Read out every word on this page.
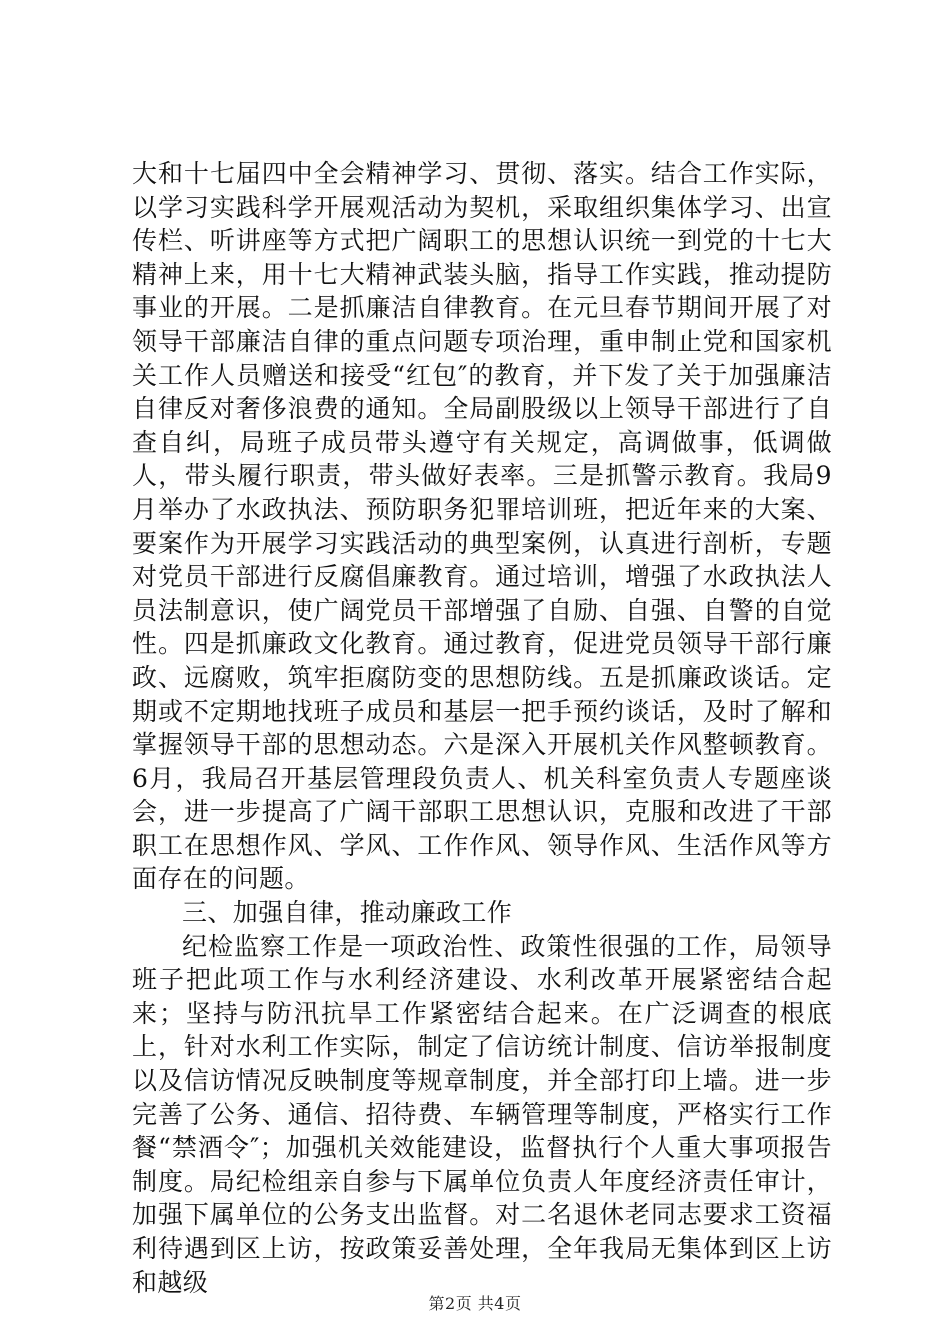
大和十七届四中全会精神学习、贯彻、落实。结合工作实际，以学习实践科学开展观活动为契机，采取组织集体学习、出宣传栏、听讲座等方式把广阔职工的思想认识统一到党的十七大精神上来，用十七大精神武装头脑，指导工作实践，推动提防事业的开展。二是抓廉洁自律教育。在元旦春节期间开展了对领导干部廉洁自律的重点问题专项治理，重申制止党和国家机关工作人员赠送和接受“红包″的教育，并下发了关于加强廉洁自律反对奢侈浪费的通知。全局副股级以上领导干部进行了自查自纠，局班子成员带头遵守有关规定，高调做事，低调做人，带头履行职责，带头做好表率。三是抓警示教育。我局9月举办了水政执法、预防职务犯罪培训班，把近年来的大案、要案作为开展学习实践活动的典型案例，认真进行剖析，专题对党员干部进行反腐倡廉教育。通过培训，增强了水政执法人员法制意识，使广阔党员干部增强了自励、自强、自警的自觉性。四是抓廉政文化教育。通过教育，促进党员领导干部行廉政、远腐败，筑牢拒腐防变的思想防线。五是抓廉政谈话。定期或不定期地找班子成员和基层一把手预约谈话，及时了解和掌握领导干部的思想动态。六是深入开展机关作风整顿教育。6月，我局召开基层管理段负责人、机关科室负责人专题座谈会，进一步提高了广阔干部职工思想认识，克服和改进了干部职工在思想作风、学风、工作作风、领导作风、生活作风等方面存在的问题。

三、加强自律，推动廉政工作

纪检监察工作是一项政治性、政策性很强的工作，局领导班子把此项工作与水利经济建设、水利改革开展紧密结合起来；坚持与防汛抗旱工作紧密结合起来。在广泛调查的根底上，针对水利工作实际，制定了信访统计制度、信访举报制度以及信访情况反映制度等规章制度，并全部打印上墙。进一步完善了公务、通信、招待费、车辆管理等制度，严格实行工作餐“禁酒令″；加强机关效能建设，监督执行个人重大事项报告制度。局纪检组亲自参与下属单位负责人年度经济责任审计，加强下属单位的公务支出监督。对二名退休老同志要求工资福利待遇到区上访，按政策妥善处理，全年我局无集体到区上访和越级

第2页 共4页
